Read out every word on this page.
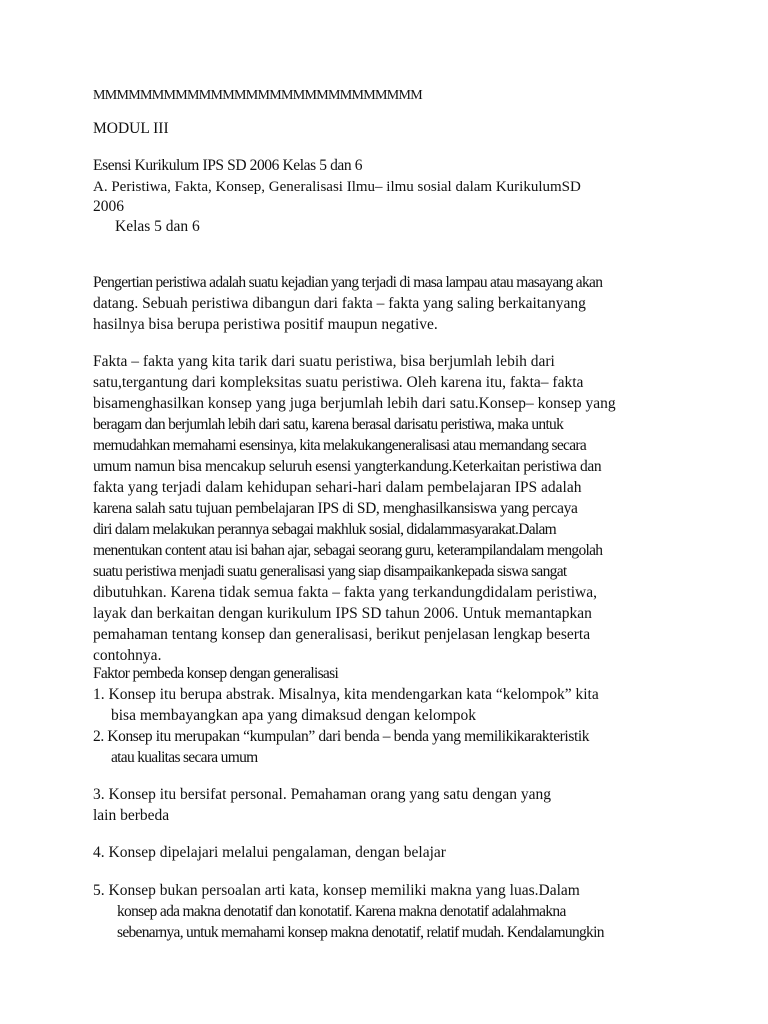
MMMMMMMMMMMMMMMMMMMMMMMMMMMM

MODUL III

Esensi Kurikulum IPS SD 2006 Kelas 5 dan 6

A. Peristiwa, Fakta, Konsep, Generalisasi Ilmu– ilmu sosial dalam KurikulumSD

2006

Kelas 5 dan 6

Pengertian peristiwa adalah suatu kejadian yang terjadi di masa lampau atau masayang akan

datang. Sebuah peristiwa dibangun dari fakta – fakta yang saling berkaitanyang

hasilnya bisa berupa peristiwa positif maupun negative.

Fakta – fakta yang kita tarik dari suatu peristiwa, bisa berjumlah lebih dari

satu,tergantung dari kompleksitas suatu peristiwa. Oleh karena itu, fakta– fakta

bisamenghasilkan konsep yang juga berjumlah lebih dari satu.Konsep– konsep yang

beragam dan berjumlah lebih dari satu, karena berasal darisatu peristiwa, maka untuk

memudahkan memahami esensinya, kita melakukangeneralisasi atau memandang secara

umum namun bisa mencakup seluruh esensi yangterkandung.Keterkaitan peristiwa dan

fakta yang terjadi dalam kehidupan sehari-hari dalam pembelajaran IPS adalah

karena salah satu tujuan pembelajaran IPS di SD, menghasilkansiswa yang percaya

diri dalam melakukan perannya sebagai makhluk sosial, didalammasyarakat.Dalam

menentukan content atau isi bahan ajar, sebagai seorang guru, keterampilandalam mengolah

suatu peristiwa menjadi suatu generalisasi yang siap disampaikankepada siswa sangat

dibutuhkan. Karena tidak semua fakta – fakta yang terkandungdidalam peristiwa,

layak dan berkaitan dengan kurikulum IPS SD tahun 2006. Untuk memantapkan

pemahaman tentang konsep dan generalisasi, berikut penjelasan lengkap beserta

contohnya.

Faktor pembeda konsep dengan generalisasi

1. Konsep itu berupa abstrak. Misalnya, kita mendengarkan kata “kelompok” kita

bisa membayangkan apa yang dimaksud dengan kelompok

2. Konsep itu merupakan “kumpulan” dari benda – benda yang memilikikarakteristik

atau kualitas secara umum

3. Konsep itu bersifat personal. Pemahaman orang yang satu dengan yang

lain berbeda

4. Konsep dipelajari melalui pengalaman, dengan belajar

5. Konsep bukan persoalan arti kata, konsep memiliki makna yang luas.Dalam

konsep ada makna denotatif dan konotatif. Karena makna denotatif adalahmakna

sebenarnya, untuk memahami konsep makna denotatif, relatif mudah. Kendalamungkin
